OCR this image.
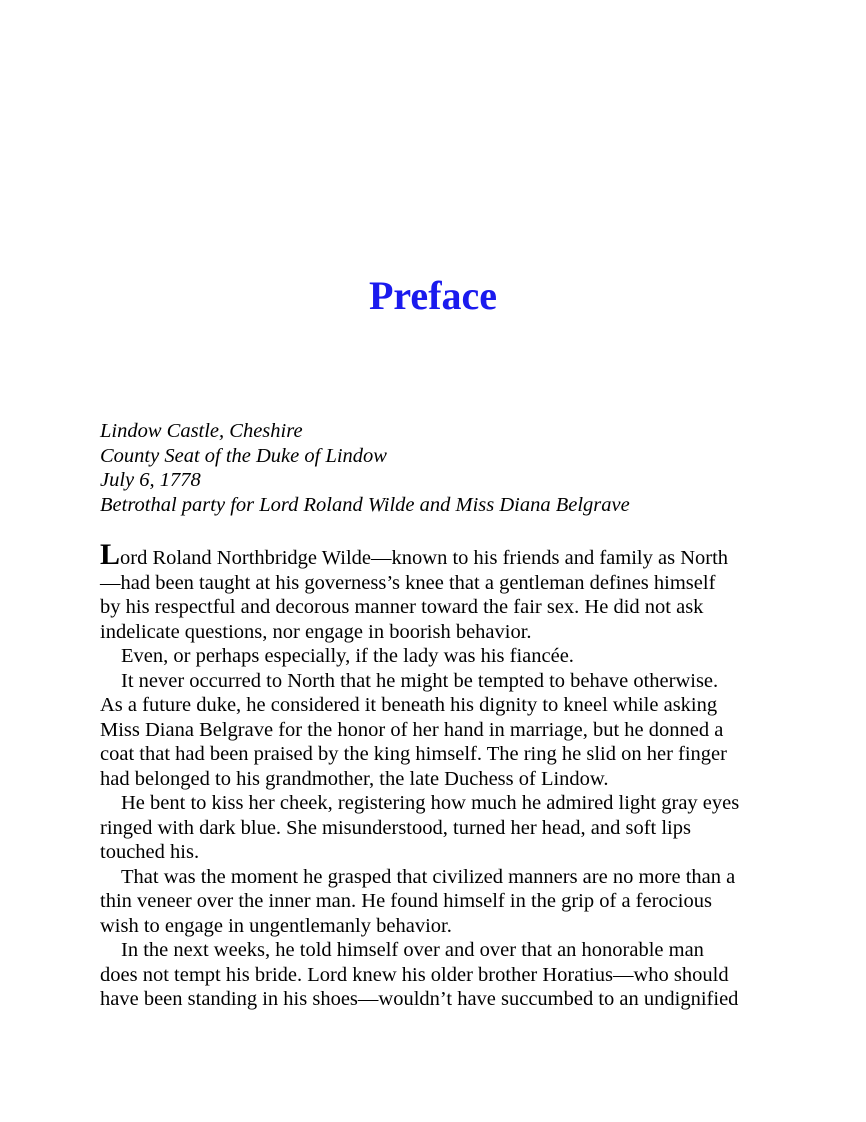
Preface
Lindow Castle, Cheshire
County Seat of the Duke of Lindow
July 6, 1778
Betrothal party for Lord Roland Wilde and Miss Diana Belgrave
Lord Roland Northbridge Wilde—known to his friends and family as North
—had been taught at his governess’s knee that a gentleman defines himself
by his respectful and decorous manner toward the fair sex. He did not ask
indelicate questions, nor engage in boorish behavior.
Even, or perhaps especially, if the lady was his fiancée.
It never occurred to North that he might be tempted to behave otherwise.
As a future duke, he considered it beneath his dignity to kneel while asking
Miss Diana Belgrave for the honor of her hand in marriage, but he donned a
coat that had been praised by the king himself. The ring he slid on her finger
had belonged to his grandmother, the late Duchess of Lindow.
He bent to kiss her cheek, registering how much he admired light gray eyes
ringed with dark blue. She misunderstood, turned her head, and soft lips
touched his.
That was the moment he grasped that civilized manners are no more than a
thin veneer over the inner man. He found himself in the grip of a ferocious
wish to engage in ungentlemanly behavior.
In the next weeks, he told himself over and over that an honorable man
does not tempt his bride. Lord knew his older brother Horatius—who should
have been standing in his shoes—wouldn’t have succumbed to an undignified
